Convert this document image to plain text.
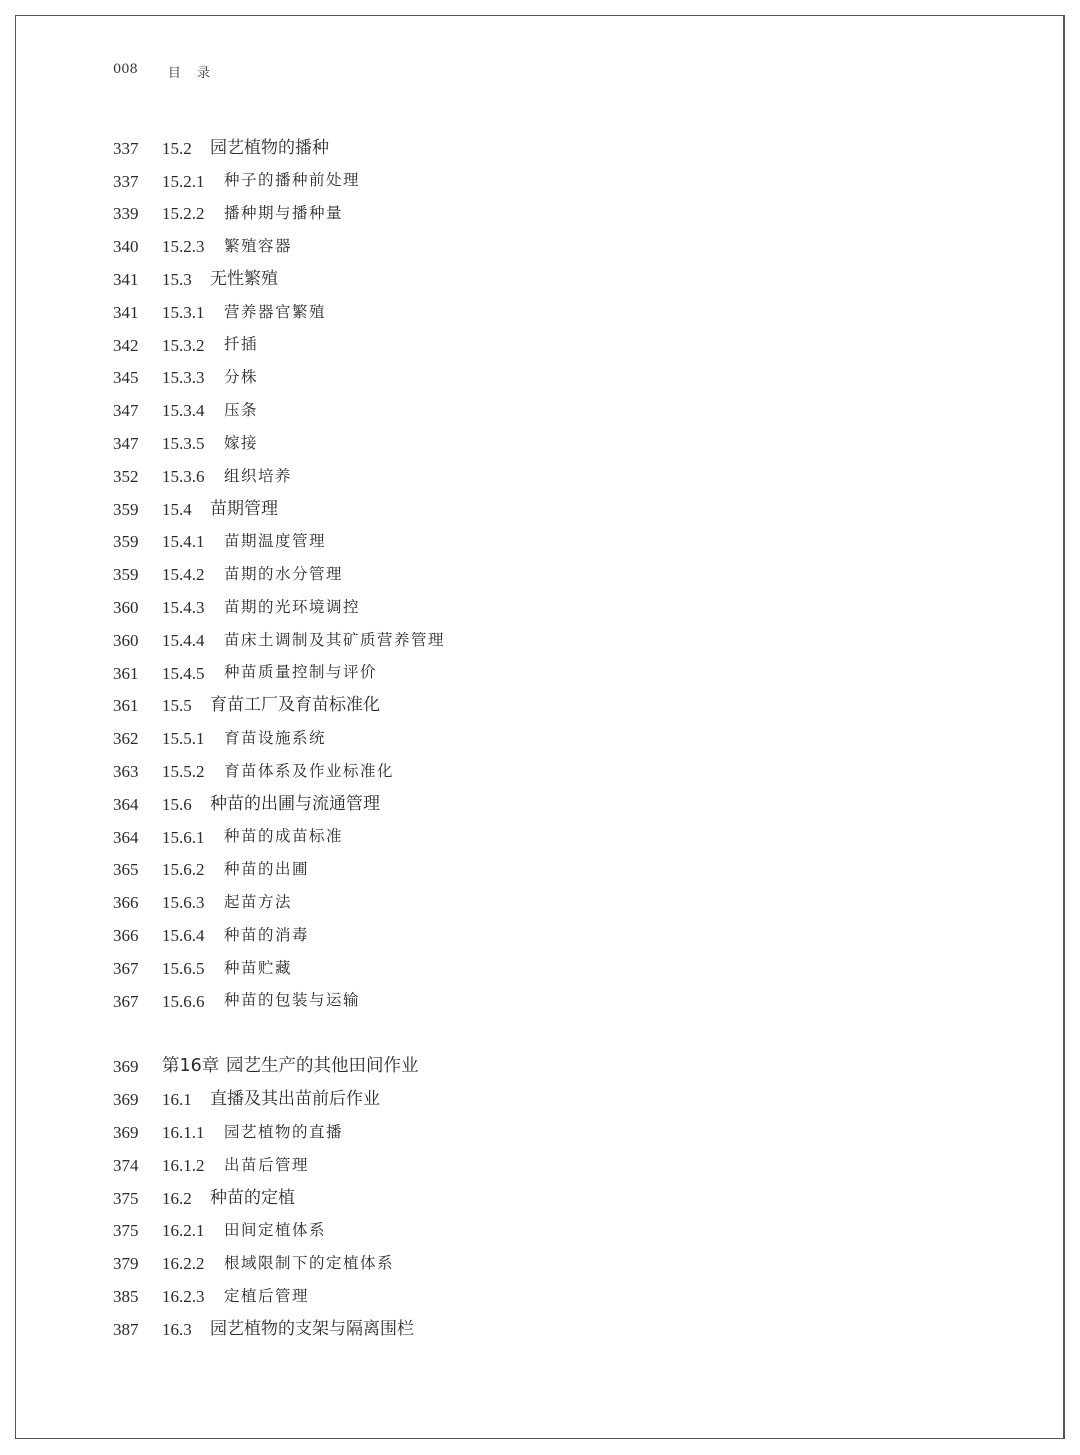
008 目 录
337	15.2	园艺植物的播种
337	15.2.1	种子的播种前处理
339	15.2.2	播种期与播种量
340	15.2.3	繁殖容器
341	15.3	无性繁殖
341	15.3.1	营养器官繁殖
342	15.3.2	扦插
345	15.3.3	分株
347	15.3.4	压条
347	15.3.5	嫁接
352	15.3.6	组织培养
359	15.4	苗期管理
359	15.4.1	苗期温度管理
359	15.4.2	苗期的水分管理
360	15.4.3	苗期的光环境调控
360	15.4.4	苗床土调制及其矿质营养管理
361	15.4.5	种苗质量控制与评价
361	15.5	育苗工厂及育苗标准化
362	15.5.1	育苗设施系统
363	15.5.2	育苗体系及作业标准化
364	15.6	种苗的出圃与流通管理
364	15.6.1	种苗的成苗标准
365	15.6.2	种苗的出圃
366	15.6.3	起苗方法
366	15.6.4	种苗的消毒
367	15.6.5	种苗贮藏
367	15.6.6	种苗的包装与运输
369	第16章 园艺生产的其他田间作业
369	16.1	直播及其出苗前后作业
369	16.1.1	园艺植物的直播
374	16.1.2	出苗后管理
375	16.2	种苗的定植
375	16.2.1	田间定植体系
379	16.2.2	根域限制下的定植体系
385	16.2.3	定植后管理
387	16.3	园艺植物的支架与隔离围栏
